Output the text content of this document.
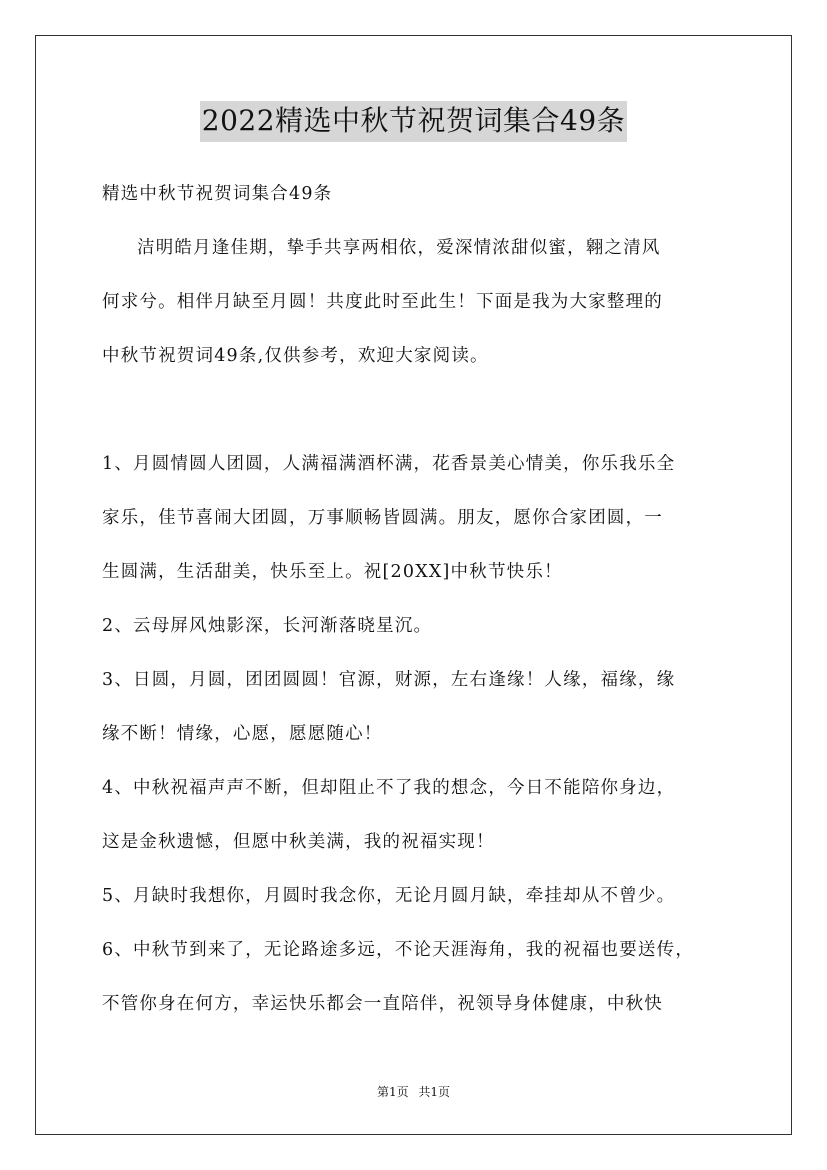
2022精选中秋节祝贺词集合49条
精选中秋节祝贺词集合49条
洁明皓月逢佳期，挚手共享两相依，爱深情浓甜似蜜，翱之清风
何求兮。相伴月缺至月圆！共度此时至此生！下面是我为大家整理的
中秋节祝贺词49条,仅供参考，欢迎大家阅读。
1、月圆情圆人团圆，人满福满酒杯满，花香景美心情美，你乐我乐全
家乐，佳节喜闹大团圆，万事顺畅皆圆满。朋友，愿你合家团圆，一
生圆满，生活甜美，快乐至上。祝[20XX]中秋节快乐！
2、云母屏风烛影深，长河渐落晓星沉。
3、日圆，月圆，团团圆圆！官源，财源，左右逢缘！人缘，福缘，缘
缘不断！情缘，心愿，愿愿随心！
4、中秋祝福声声不断，但却阻止不了我的想念，今日不能陪你身边，
这是金秋遗憾，但愿中秋美满，我的祝福实现！
5、月缺时我想你，月圆时我念你，无论月圆月缺，牵挂却从不曾少。
6、中秋节到来了，无论路途多远，不论天涯海角，我的祝福也要送传，
不管你身在何方，幸运快乐都会一直陪伴，祝领导身体健康，中秋快
第1页 共1页
